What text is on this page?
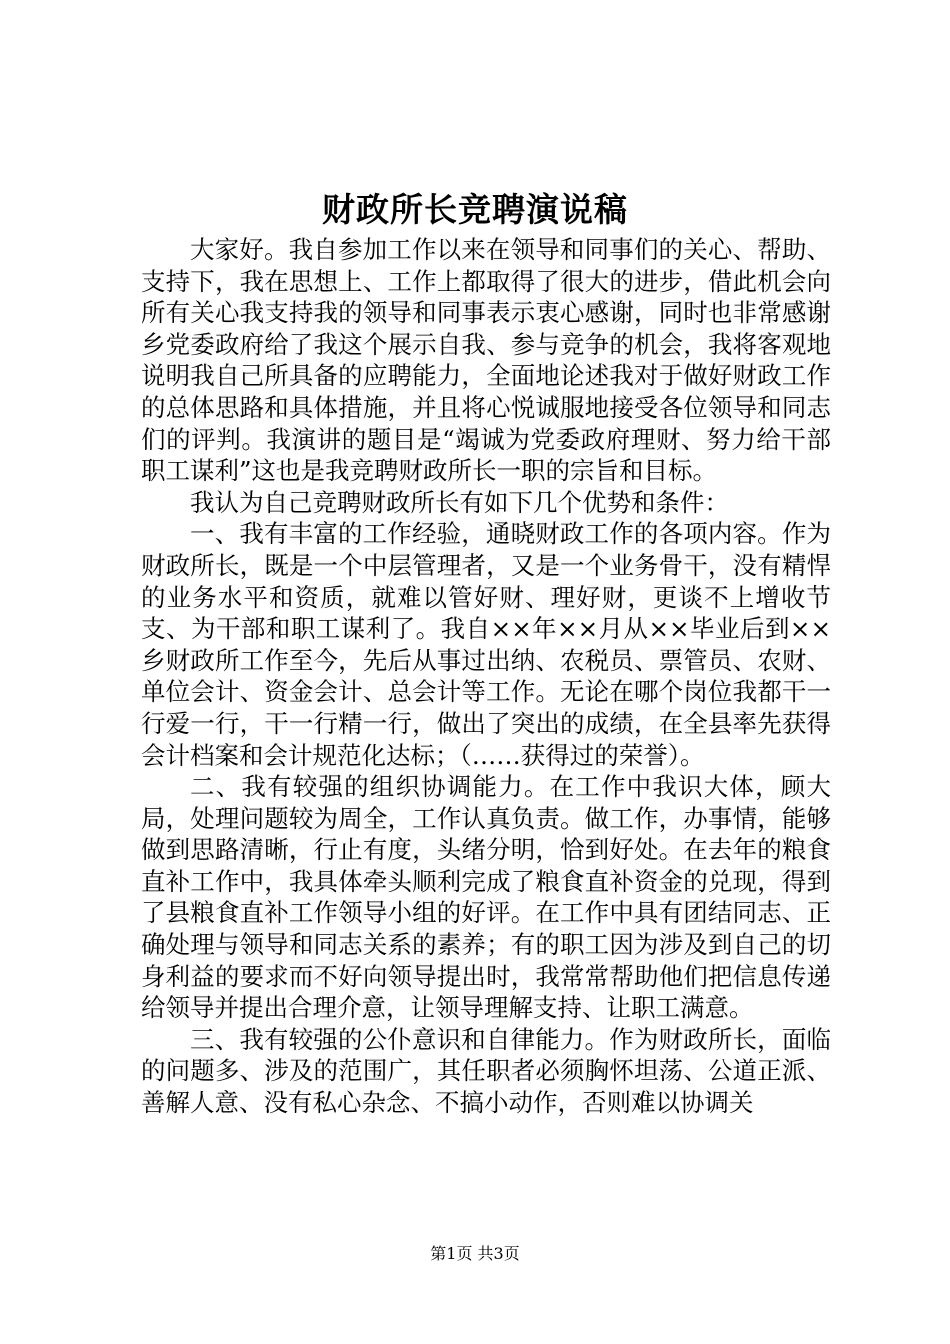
财政所长竞聘演说稿

大家好。我自参加工作以来在领导和同事们的关心、帮助、支持下，我在思想上、工作上都取得了很大的进步，借此机会向所有关心我支持我的领导和同事表示衷心感谢，同时也非常感谢乡党委政府给了我这个展示自我、参与竞争的机会，我将客观地说明我自己所具备的应聘能力，全面地论述我对于做好财政工作的总体思路和具体措施，并且将心悦诚服地接受各位领导和同志们的评判。我演讲的题目是“竭诚为党委政府理财、努力给干部职工谋利”这也是我竞聘财政所长一职的宗旨和目标。

我认为自己竞聘财政所长有如下几个优势和条件：

一、我有丰富的工作经验，通晓财政工作的各项内容。作为财政所长，既是一个中层管理者，又是一个业务骨干，没有精悍的业务水平和资质，就难以管好财、理好财，更谈不上增收节支、为干部和职工谋利了。我自××年××月从××毕业后到××乡财政所工作至今，先后从事过出纳、农税员、票管员、农财、单位会计、资金会计、总会计等工作。无论在哪个岗位我都干一行爱一行，干一行精一行，做出了突出的成绩，在全县率先获得会计档案和会计规范化达标；（……获得过的荣誉）。

二、我有较强的组织协调能力。在工作中我识大体，顾大局，处理问题较为周全，工作认真负责。做工作，办事情，能够做到思路清晰，行止有度，头绪分明，恰到好处。在去年的粮食直补工作中，我具体牵头顺利完成了粮食直补资金的兑现，得到了县粮食直补工作领导小组的好评。在工作中具有团结同志、正确处理与领导和同志关系的素养；有的职工因为涉及到自己的切身利益的要求而不好向领导提出时，我常常帮助他们把信息传递给领导并提出合理介意，让领导理解支持、让职工满意。

三、我有较强的公仆意识和自律能力。作为财政所长，面临的问题多、涉及的范围广，其任职者必须胸怀坦荡、公道正派、善解人意、没有私心杂念、不搞小动作，否则难以协调关

第1页 共3页
